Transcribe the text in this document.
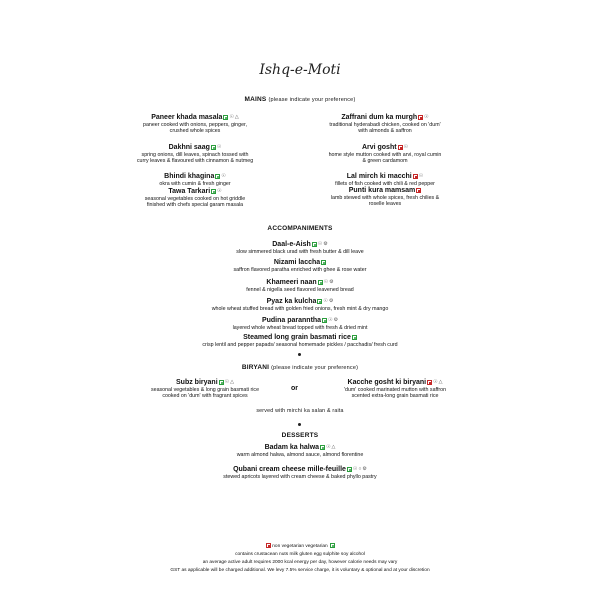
Ishq-e-Moti
MAINS (please indicate your preference)
Paneer khada masala ☉△
paneer cooked with onions, peppers, ginger,
crushed whole spices
Dakhni saag ☉
spring onions, dill leaves, spinach tossed with
curry leaves & flavoured with cinnamon & nutmeg
Bhindi khagina ☉
okra with cumin & fresh ginger
Tawa Tarkari ☉
seasonal vegetables cooked on hot griddle
finished with chefs special garam masala
Zaffrani dum ka murgh ☉
traditional hyderabadi chicken, cooked on 'dum'
with almonds & saffron
Arvi gosht ☉
home style mutton cooked with arvi, royal cumin
& green cardamom
Lal mirch ki macchi ☉
fillets of fish cooked with chili & red pepper
Punti kura mamsam
lamb stewed with whole spices, fresh chilies &
roselle leaves
ACCOMPANIMENTS
Daal-e-Aish ☉⚙
slow simmered black urad with fresh butter & dill leave
Nizami laccha
saffron flavored paratha enriched with ghee & rose water
Khameeri naan ☉⚙
fennel & nigella seed flavored leavened bread
Pyaz ka kulcha ☉⚙
whole wheat stuffed bread with golden fried onions, fresh mint & dry mango
Pudina paranntha ☉⚙
layered whole wheat bread topped with fresh & dried mint
Steamed long grain basmati rice
crisp lentil and pepper papads/ seasonal homemade pickles / pacchadis/ fresh curd
BIRYANI (please indicate your preference)
Subz biryani ☉△
seasonal vegetables & long grain basmati rice
cooked on 'dum' with fragrant spices
or
Kacche gosht ki biryani ☉△
'dum' cooked marinated mutton with saffron
scented extra-long grain basmati rice
served with mirchi ka salan & raita
DESSERTS
Badam ka halwa ☉△
warm almond halwa, almond sauce, almond florentine
Qubani cream cheese mille-feuille ☉○⚙
stewed apricots layered with cream cheese & baked phyllo pastry
non vegetarian vegetarian
contains crustacean nuts milk gluten egg sulphite soy alcohol
an average active adult requires 2000 kcal energy per day, however calorie needs may vary
GST as applicable will be charged additional. We levy 7.5% service charge, it is voluntary & optional and at your discretion
